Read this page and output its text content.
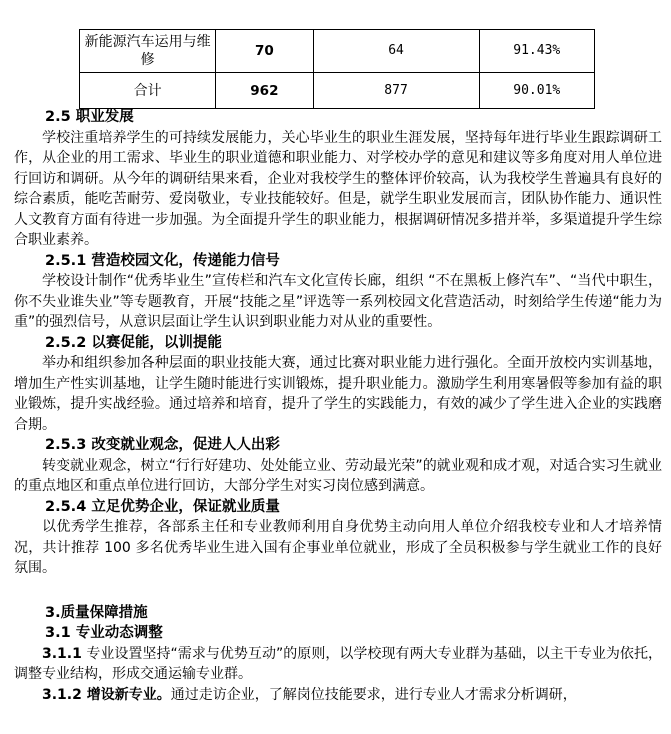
新能源汽车运用与维修	70	64	91.43%
合计	962	877	90.01%
2.5 职业发展

学校注重培养学生的可持续发展能力，关心毕业生的职业生涯发展，坚持每年进行毕业生跟踪调研工作，从企业的用工需求、毕业生的职业道德和职业能力、对学校办学的意见和建议等多角度对用人单位进行回访和调研。从今年的调研结果来看，企业对我校学生的整体评价较高，认为我校学生普遍具有良好的综合素质，能吃苦耐劳、爱岗敬业，专业技能较好。但是，就学生职业发展而言，团队协作能力、通识性人文教育方面有待进一步加强。为全面提升学生的职业能力，根据调研情况多措并举，多渠道提升学生综合职业素养。

2.5.1 营造校园文化，传递能力信号

学校设计制作“优秀毕业生”宣传栏和汽车文化宣传长廊，组织 “不在黑板上修汽车”、“当代中职生，你不失业谁失业”等专题教育，开展“技能之星”评选等一系列校园文化营造活动，时刻给学生传递“能力为重”的强烈信号，从意识层面让学生认识到职业能力对从业的重要性。

2.5.2 以赛促能，以训提能

举办和组织参加各种层面的职业技能大赛，通过比赛对职业能力进行强化。全面开放校内实训基地，增加生产性实训基地，让学生随时能进行实训锻炼，提升职业能力。激励学生利用寒暑假等参加有益的职业锻炼，提升实战经验。通过培养和培育，提升了学生的实践能力，有效的减少了学生进入企业的实践磨合期。

2.5.3 改变就业观念，促进人人出彩

转变就业观念，树立“行行好建功、处处能立业、劳动最光荣”的就业观和成才观，对适合实习生就业的重点地区和重点单位进行回访，大部分学生对实习岗位感到满意。

2.5.4 立足优势企业，保证就业质量

以优秀学生推荐，各部系主任和专业教师利用自身优势主动向用人单位介绍我校专业和人才培养情况，共计推荐 100 多名优秀毕业生进入国有企事业单位就业，形成了全员积极参与学生就业工作的良好氛围。

3.质量保障措施
3.1 专业动态调整

3.1.1 专业设置坚持“需求与优势互动”的原则，以学校现有两大专业群为基础，以主干专业为依托，调整专业结构，形成交通运输专业群。

3.1.2 增设新专业。通过走访企业，了解岗位技能要求，进行专业人才需求分析调研，
